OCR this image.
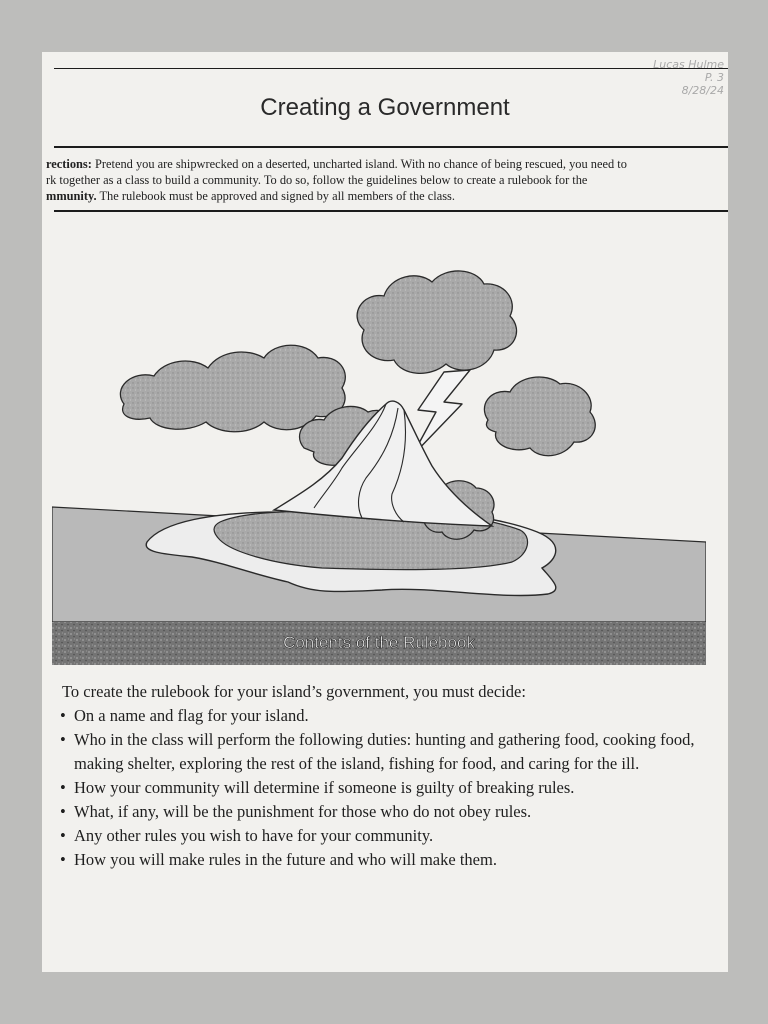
Lucas Hulme
P. 3
8/28/24
Creating a Government
rections: Pretend you are shipwrecked on a deserted, uncharted island. With no chance of being rescued, you need to
rk together as a class to build a community. To do so, follow the guidelines below to create a rulebook for the
mmunity. The rulebook must be approved and signed by all members of the class.
Contents of the Rulebook

To create the rulebook for your island’s government, you must decide:

• On a name and flag for your island.
• Who in the class will perform the following duties: hunting and gathering food, cooking food, making shelter, exploring the rest of the island, fishing for food, and caring for the ill.
• How your community will determine if someone is guilty of breaking rules.
• What, if any, will be the punishment for those who do not obey rules.
• Any other rules you wish to have for your community.
• How you will make rules in the future and who will make them.
